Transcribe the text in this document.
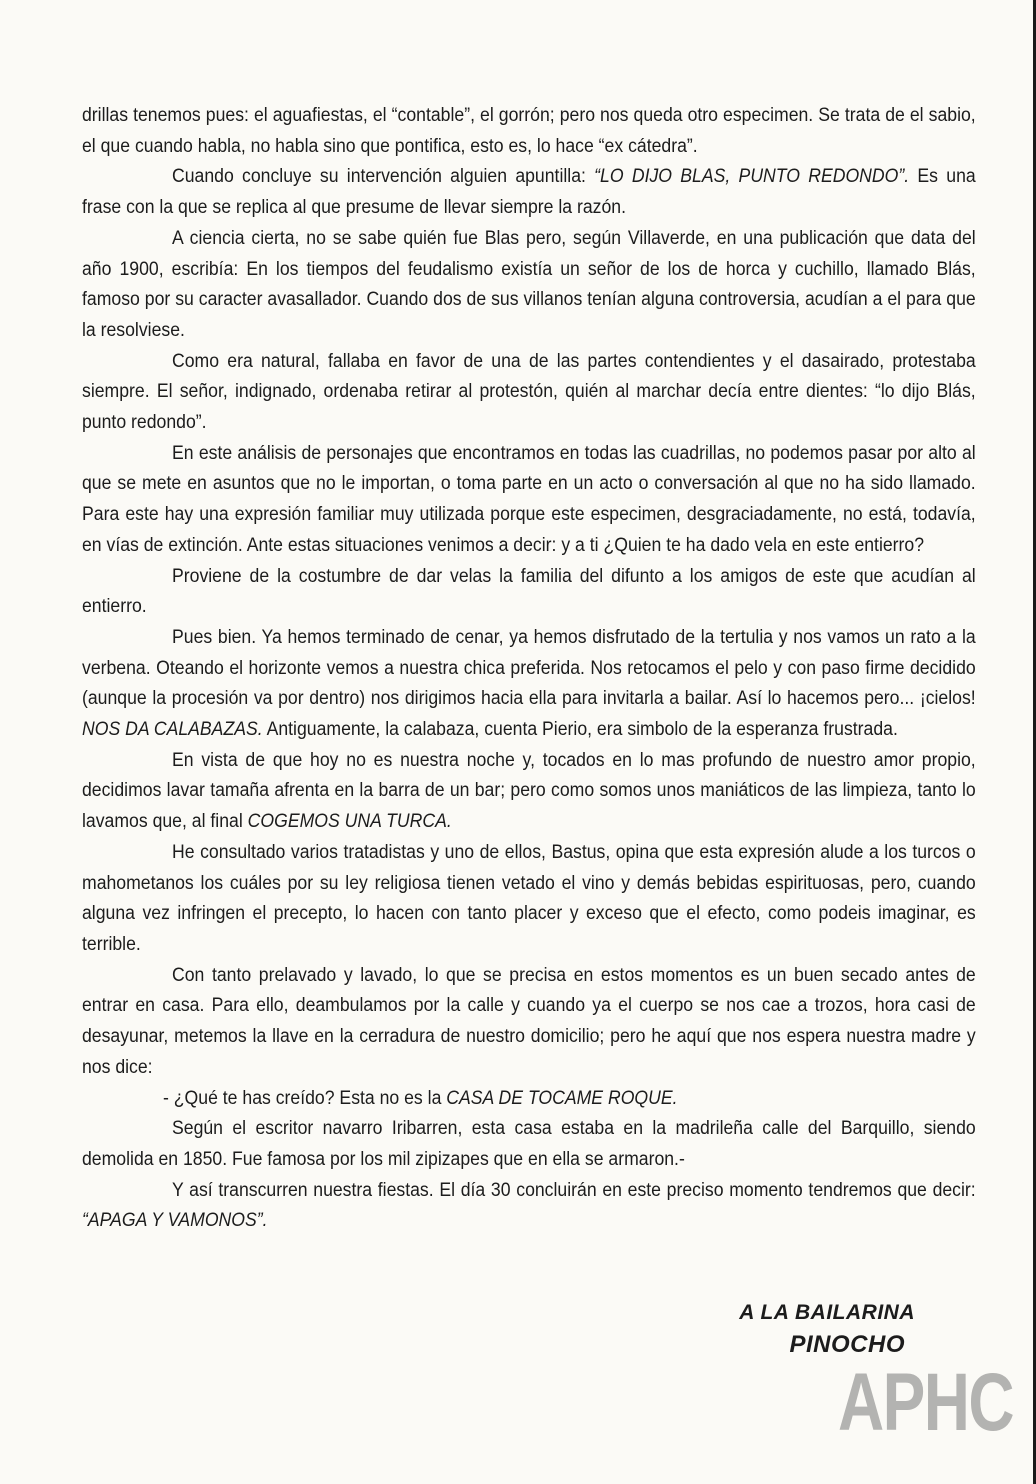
drillas tenemos pues: el aguafiestas, el “contable”, el gorrón; pero nos queda otro especimen. Se trata de el sabio, el que cuando habla, no habla sino que pontifica, esto es, lo hace “ex cátedra”.

Cuando concluye su intervención alguien apuntilla: “LO DIJO BLAS, PUNTO REDONDO”. Es una frase con la que se replica al que presume de llevar siempre la razón.

A ciencia cierta, no se sabe quién fue Blas pero, según Villaverde, en una publicación que data del año 1900, escribía: En los tiempos del feudalismo existía un señor de los de horca y cuchillo, llamado Blás, famoso por su caracter avasallador. Cuando dos de sus villanos tenían alguna controversia, acudían a el para que la resolviese.

Como era natural, fallaba en favor de una de las partes contendientes y el dasairado, protestaba siempre. El señor, indignado, ordenaba retirar al protestón, quién al marchar decía entre dientes: “lo dijo Blás, punto redondo”.

En este análisis de personajes que encontramos en todas las cuadrillas, no podemos pasar por alto al que se mete en asuntos que no le importan, o toma parte en un acto o conversación al que no ha sido llamado. Para este hay una expresión familiar muy utilizada porque este especimen, desgraciadamente, no está, todavía, en vías de extinción. Ante estas situaciones venimos a decir: y a ti ¿Quien te ha dado vela en este entierro?

Proviene de la costumbre de dar velas la familia del difunto a los amigos de este que acudían al entierro.

Pues bien. Ya hemos terminado de cenar, ya hemos disfrutado de la tertulia y nos vamos un rato a la verbena. Oteando el horizonte vemos a nuestra chica preferida. Nos retocamos el pelo y con paso firme decidido (aunque la procesión va por dentro) nos dirigimos hacia ella para invitarla a bailar. Así lo hacemos pero... ¡cielos! NOS DA CALABAZAS. Antiguamente, la calabaza, cuenta Pierio, era simbolo de la esperanza frustrada.

En vista de que hoy no es nuestra noche y, tocados en lo mas profundo de nuestro amor propio, decidimos lavar tamaña afrenta en la barra de un bar; pero como somos unos maniáticos de las limpieza, tanto lo lavamos que, al final COGEMOS UNA TURCA.

He consultado varios tratadistas y uno de ellos, Bastus, opina que esta expresión alude a los turcos o mahometanos los cuáles por su ley religiosa tienen vetado el vino y demás bebidas espirituosas, pero, cuando alguna vez infringen el precepto, lo hacen con tanto placer y exceso que el efecto, como podeis imaginar, es terrible.

Con tanto prelavado y lavado, lo que se precisa en estos momentos es un buen secado antes de entrar en casa. Para ello, deambulamos por la calle y cuando ya el cuerpo se nos cae a trozos, hora casi de desayunar, metemos la llave en la cerradura de nuestro domicilio; pero he aquí que nos espera nuestra madre y nos dice:

- ¿Qué te has creído? Esta no es la CASA DE TOCAME ROQUE.

Según el escritor navarro Iribarren, esta casa estaba en la madrileña calle del Barquillo, siendo demolida en 1850. Fue famosa por los mil zipizapes que en ella se armaron.-

Y así transcurren nuestra fiestas. El día 30 concluirán en este preciso momento tendremos que decir: “APAGA Y VAMONOS”.

A LA BAILARINA
PINOCHO
APHC
